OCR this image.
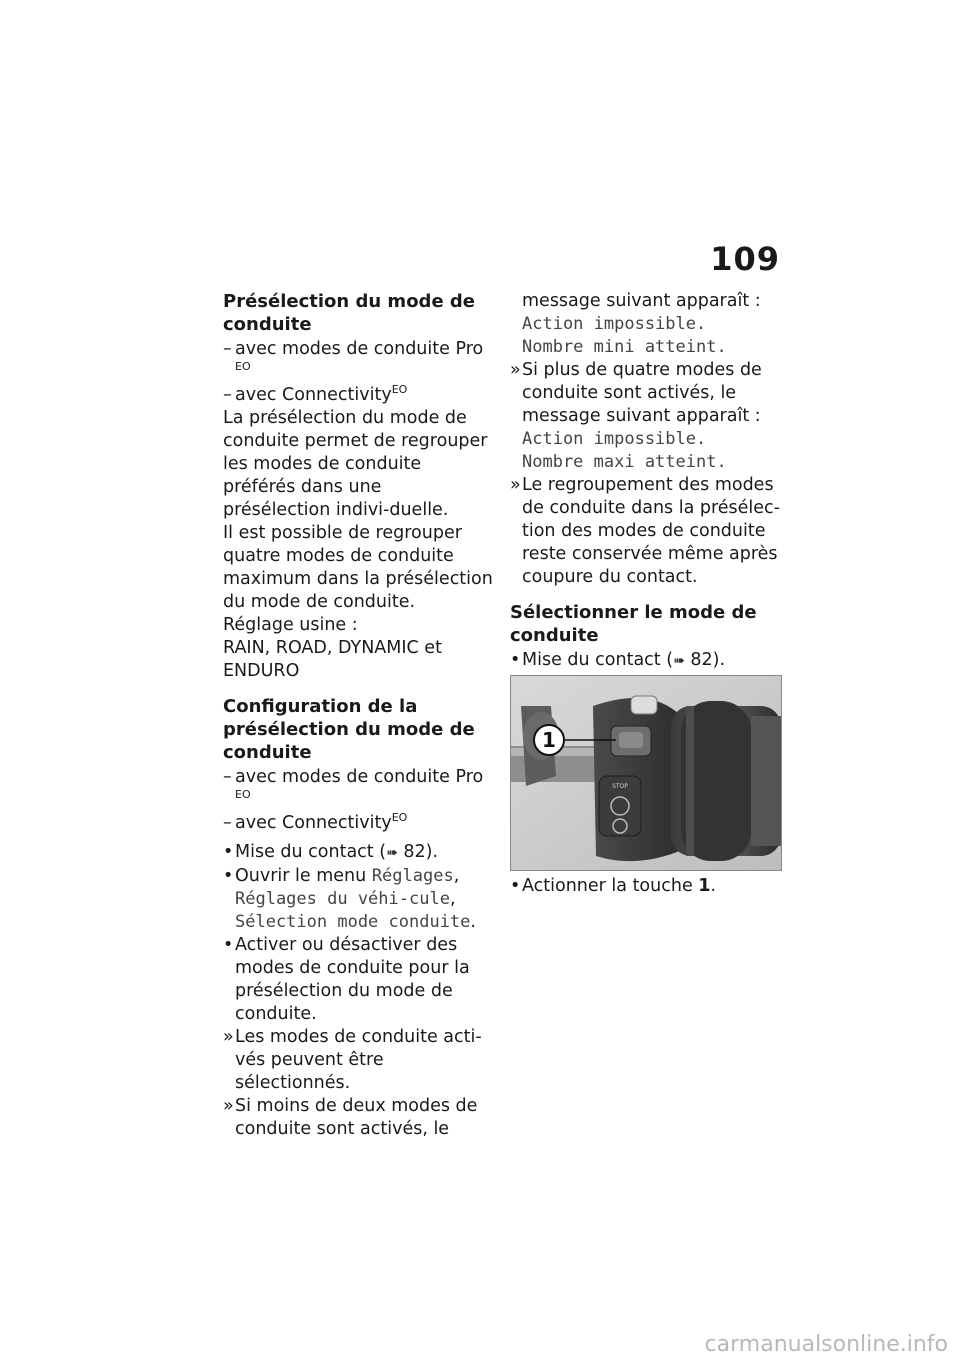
109
Présélection du mode de conduite

– avec modes de conduite Pro $^{EO}$

– avec Connectivity$^{EO}$

La présélection du mode de conduite permet de regrouper les modes de conduite préférés dans une présélection indivi-duelle.

Il est possible de regrouper quatre modes de conduite maximum dans la présélection du mode de conduite.

Réglage usine :

RAIN, ROAD, DYNAMIC et ENDURO

Configuration de la présélection du mode de conduite

– avec modes de conduite Pro $^{EO}$

– avec Connectivity$^{EO}$

• Mise du contact (➠ 82).

• Ouvrir le menu Réglages, Réglages du véhi-cule, Sélection mode conduite.

• Activer ou désactiver des modes de conduite pour la présélection du mode de conduite.

» Les modes de conduite acti-vés peuvent être sélectionnés.

» Si moins de deux modes de conduite sont activés, le

message suivant apparaît :

Action impossible.
Nombre mini atteint.

» Si plus de quatre modes de conduite sont activés, le message suivant apparaît :

Action impossible.
Nombre maxi atteint.

» Le regroupement des modes de conduite dans la présélec-tion des modes de conduite reste conservée même après coupure du contact.

Sélectionner le mode de conduite

• Mise du contact (➠ 82).

STOP
1

• Actionner la touche 1.

carmanualsonline.info
